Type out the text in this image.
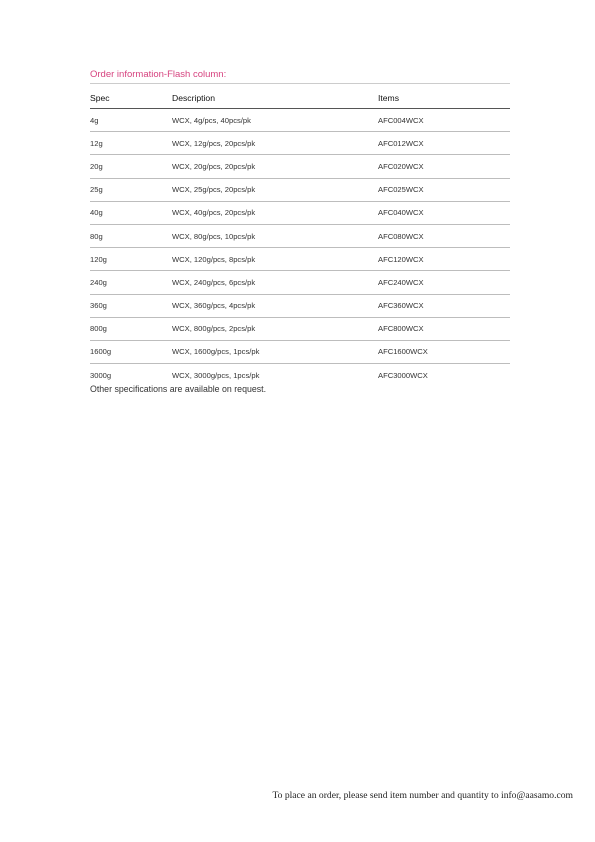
Order information-Flash column:
Spec	Description	Items
4g	WCX, 4g/pcs, 40pcs/pk	AFC004WCX
12g	WCX, 12g/pcs, 20pcs/pk	AFC012WCX
20g	WCX, 20g/pcs, 20pcs/pk	AFC020WCX
25g	WCX, 25g/pcs, 20pcs/pk	AFC025WCX
40g	WCX, 40g/pcs, 20pcs/pk	AFC040WCX
80g	WCX, 80g/pcs, 10pcs/pk	AFC080WCX
120g	WCX, 120g/pcs, 8pcs/pk	AFC120WCX
240g	WCX, 240g/pcs, 6pcs/pk	AFC240WCX
360g	WCX, 360g/pcs, 4pcs/pk	AFC360WCX
800g	WCX, 800g/pcs, 2pcs/pk	AFC800WCX
1600g	WCX, 1600g/pcs, 1pcs/pk	AFC1600WCX
3000g	WCX, 3000g/pcs, 1pcs/pk	AFC3000WCX
Other specifications are available on request.
To place an order, please send item number and quantity to info@aasamo.com
